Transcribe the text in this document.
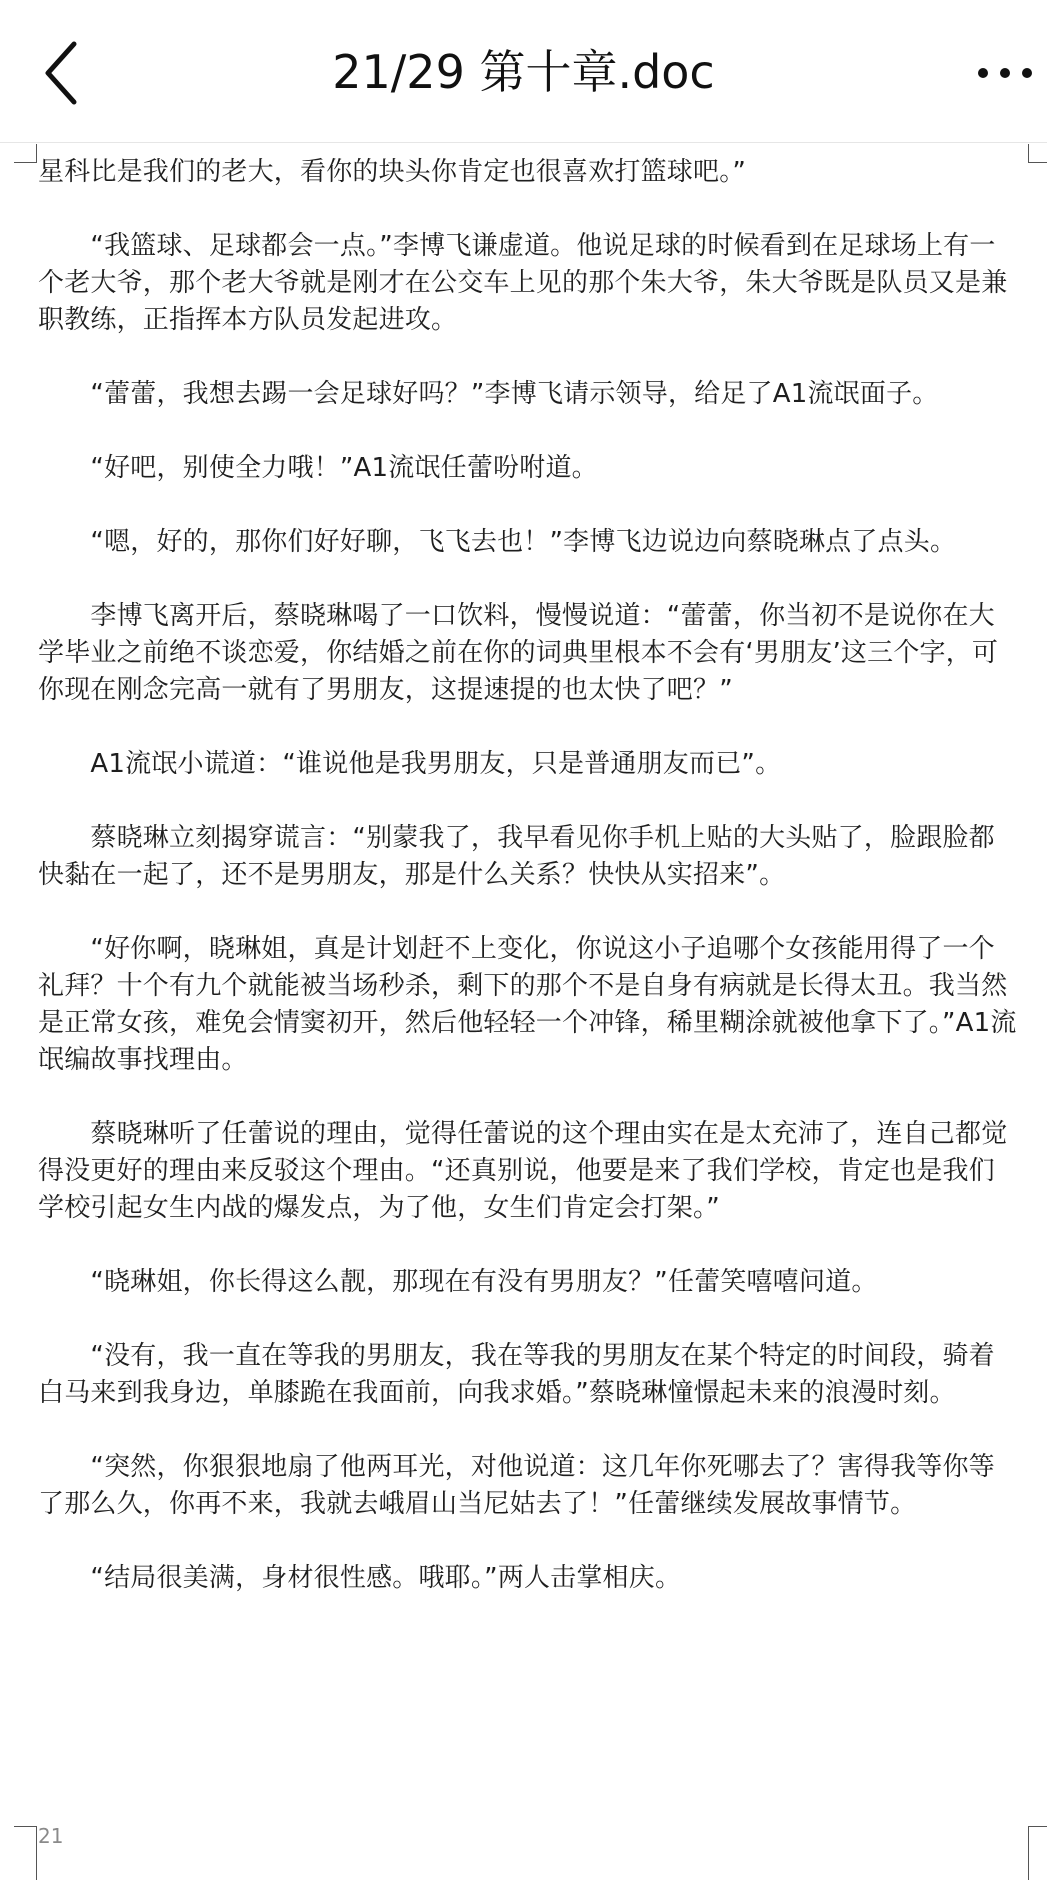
21/29 第十章.doc

星科比是我们的老大，看你的块头你肯定也很喜欢打篮球吧。”

　　“我篮球、足球都会一点。”李博飞谦虚道。他说足球的时候看到在足球场上有一个老大爷，那个老大爷就是刚才在公交车上见的那个朱大爷，朱大爷既是队员又是兼职教练，正指挥本方队员发起进攻。

　　“蕾蕾，我想去踢一会足球好吗？”李博飞请示领导，给足了A1流氓面子。

　　“好吧，别使全力哦！”A1流氓任蕾吩咐道。

　　“嗯，好的，那你们好好聊，飞飞去也！”李博飞边说边向蔡晓琳点了点头。

　　李博飞离开后，蔡晓琳喝了一口饮料，慢慢说道：“蕾蕾，你当初不是说你在大学毕业之前绝不谈恋爱，你结婚之前在你的词典里根本不会有‘男朋友’这三个字，可你现在刚念完高一就有了男朋友，这提速提的也太快了吧？”

　　A1流氓小谎道：“谁说他是我男朋友，只是普通朋友而已”。

　　蔡晓琳立刻揭穿谎言：“别蒙我了，我早看见你手机上贴的大头贴了，脸跟脸都快黏在一起了，还不是男朋友，那是什么关系？快快从实招来”。

　　“好你啊，晓琳姐，真是计划赶不上变化，你说这小子追哪个女孩能用得了一个礼拜？十个有九个就能被当场秒杀，剩下的那个不是自身有病就是长得太丑。我当然是正常女孩，难免会情窦初开，然后他轻轻一个冲锋，稀里糊涂就被他拿下了。”A1流氓编故事找理由。

　　蔡晓琳听了任蕾说的理由，觉得任蕾说的这个理由实在是太充沛了，连自己都觉得没更好的理由来反驳这个理由。“还真别说，他要是来了我们学校，肯定也是我们学校引起女生内战的爆发点，为了他，女生们肯定会打架。”

　　“晓琳姐，你长得这么靓，那现在有没有男朋友？”任蕾笑嘻嘻问道。

　　“没有，我一直在等我的男朋友，我在等我的男朋友在某个特定的时间段，骑着白马来到我身边，单膝跪在我面前，向我求婚。”蔡晓琳憧憬起未来的浪漫时刻。

　　“突然，你狠狠地扇了他两耳光，对他说道：这几年你死哪去了？害得我等你等了那么久，你再不来，我就去峨眉山当尼姑去了！”任蕾继续发展故事情节。

　　“结局很美满，身材很性感。哦耶。”两人击掌相庆。

21
